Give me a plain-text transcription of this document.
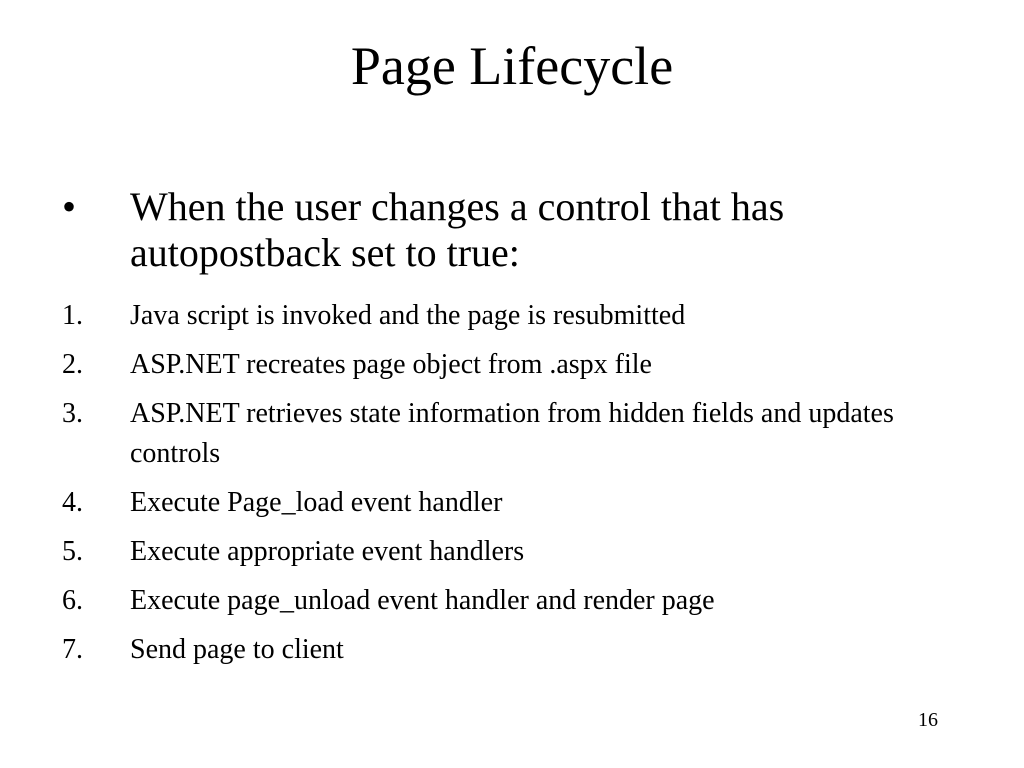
Page Lifecycle
• When the user changes a control that has autopostback set to true:
1. Java script is invoked and the page is resubmitted
2. ASP.NET recreates page object from .aspx file
3. ASP.NET retrieves state information from hidden fields and updates controls
4. Execute Page_load event handler
5. Execute appropriate event handlers
6. Execute page_unload event handler and render page
7. Send page to client
16
